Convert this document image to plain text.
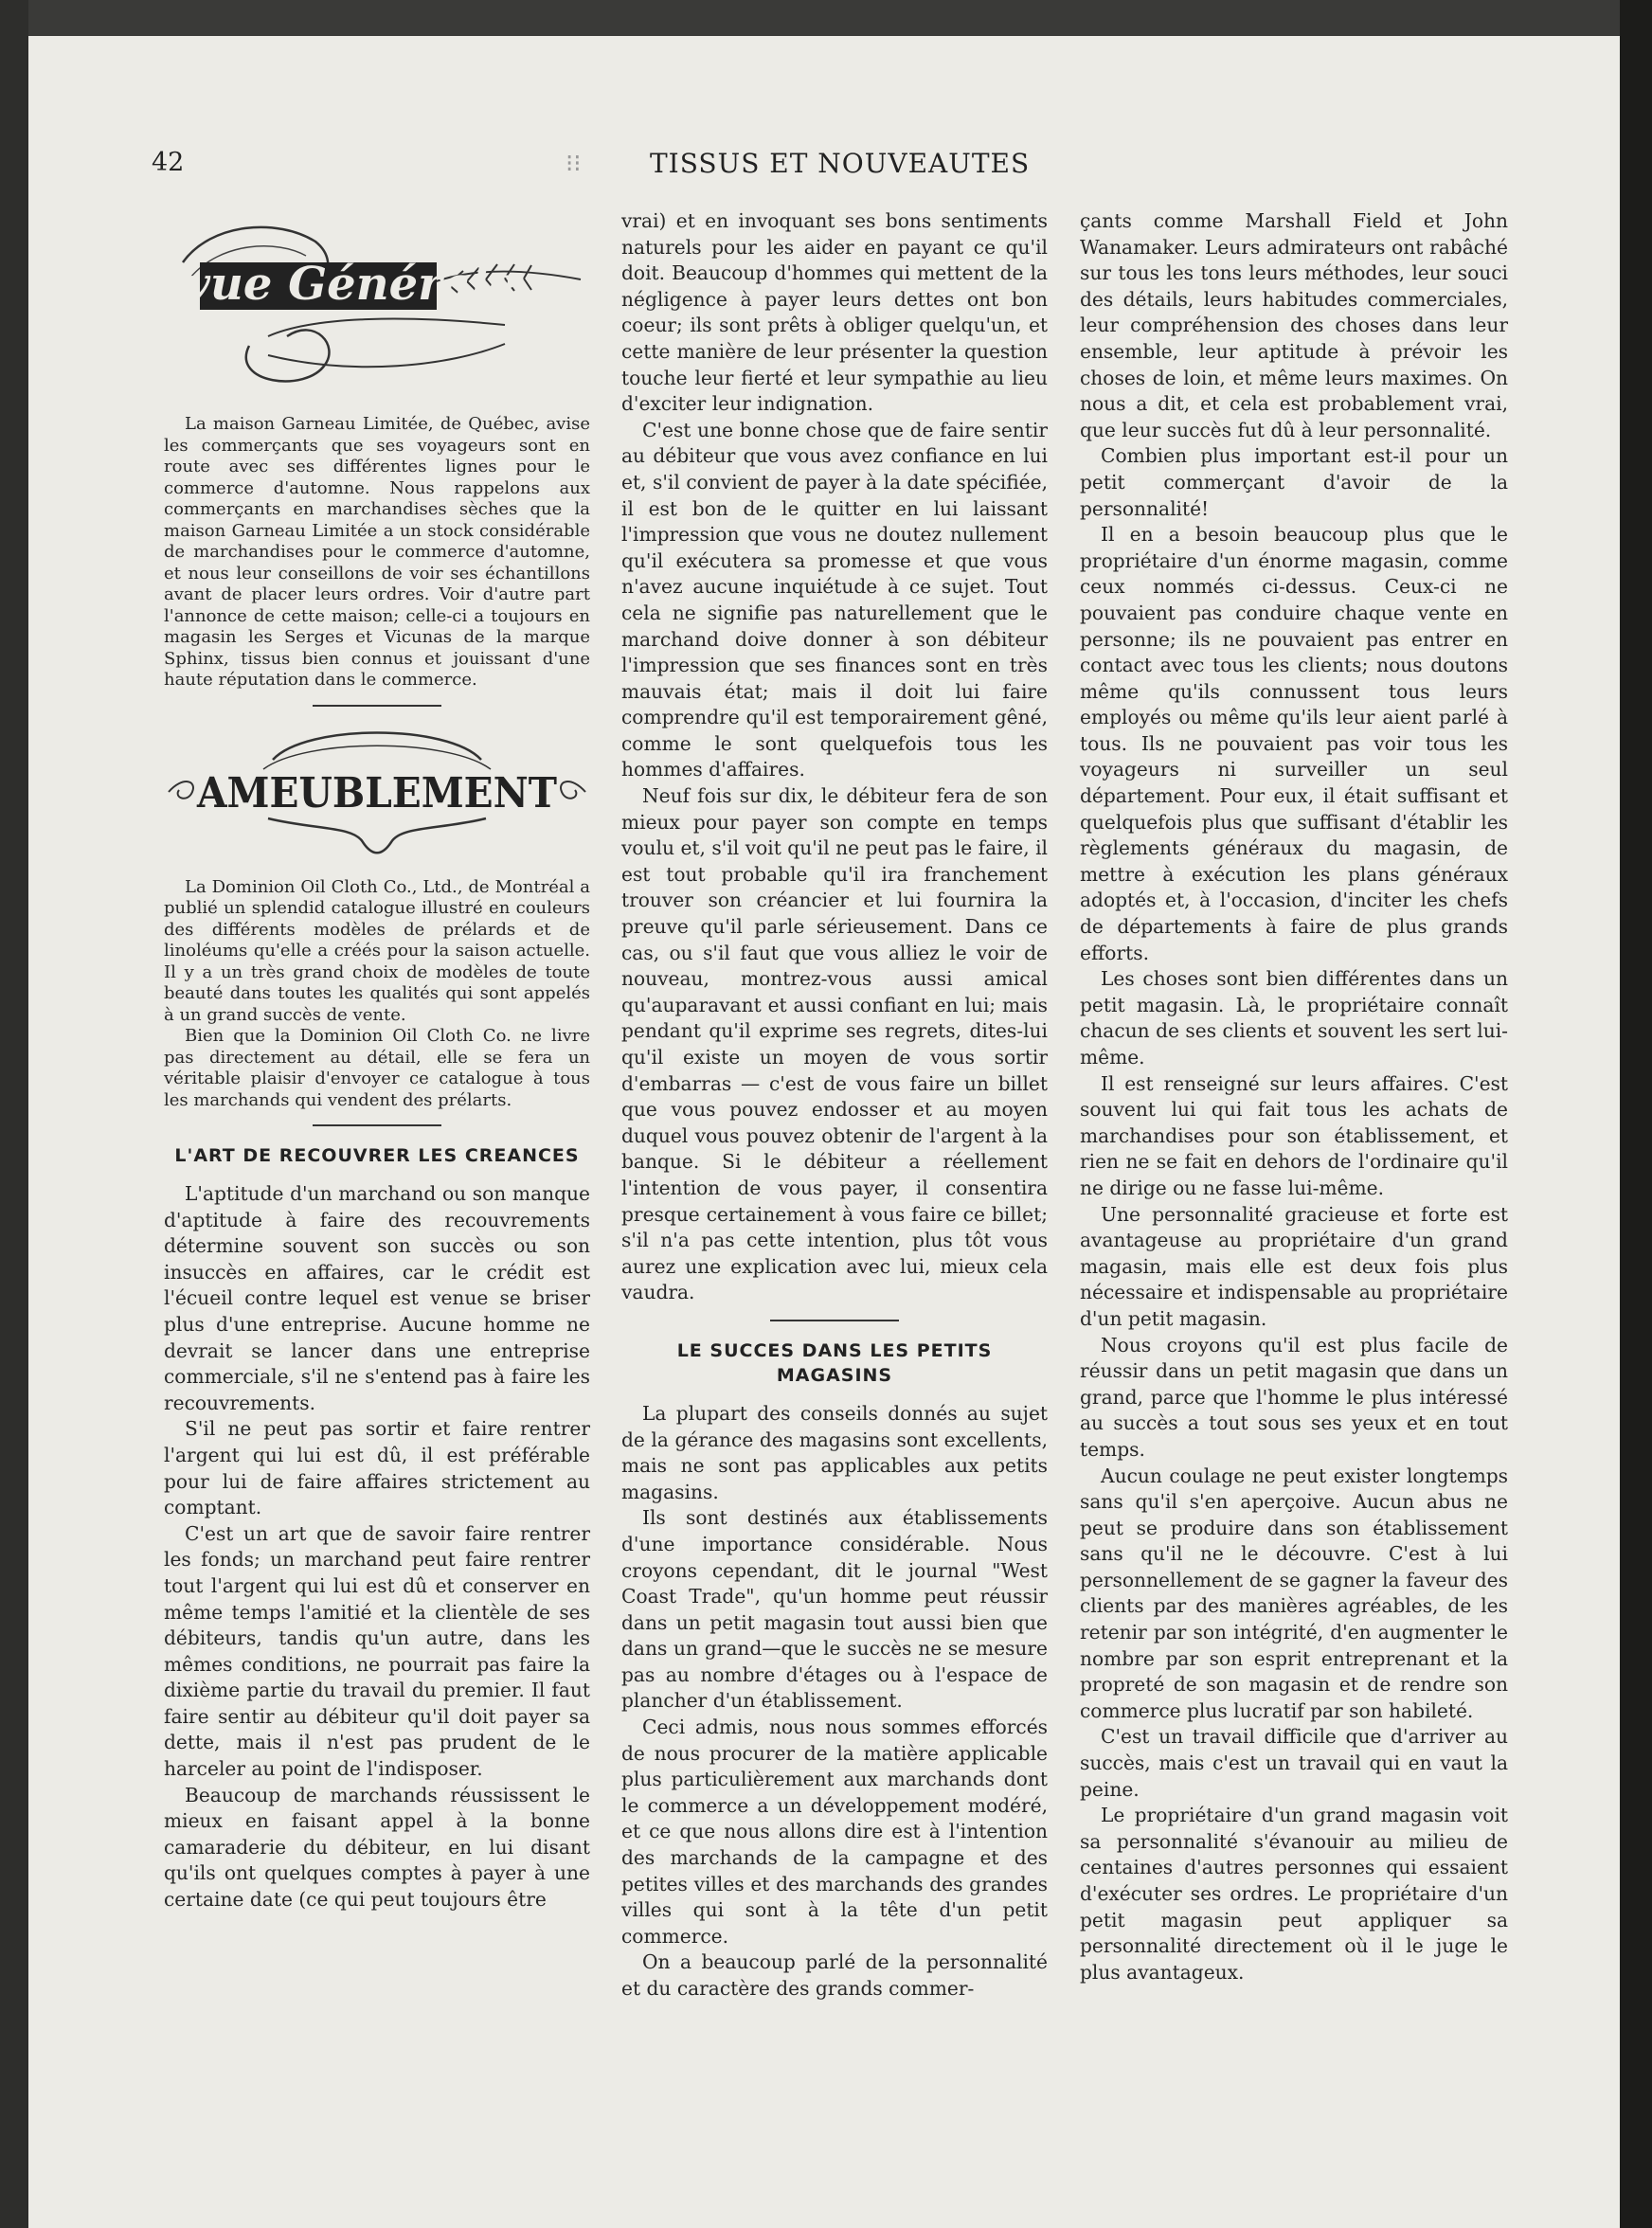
42	⁝⁝	TISSUS ET NOUVEAUTES
Revue Générale

La maison Garneau Limitée, de Québec, avise les commerçants que ses voyageurs sont en route avec ses différentes lignes pour le commerce d'automne. Nous rappelons aux commerçants en marchandises sèches que la maison Garneau Limitée a un stock considérable de marchandises pour le commerce d'automne, et nous leur conseillons de voir ses échantillons avant de placer leurs ordres. Voir d'autre part l'annonce de cette maison; celle-ci a toujours en magasin les Serges et Vicunas de la marque Sphinx, tissus bien connus et jouissant d'une haute réputation dans le commerce.

AMEUBLEMENT

La Dominion Oil Cloth Co., Ltd., de Montréal a publié un splendid catalogue illustré en couleurs des différents modèles de prélards et de linoléums qu'elle a créés pour la saison actuelle. Il y a un très grand choix de modèles de toute beauté dans toutes les qualités qui sont appelés à un grand succès de vente.

Bien que la Dominion Oil Cloth Co. ne livre pas directement au détail, elle se fera un véritable plaisir d'envoyer ce catalogue à tous les marchands qui vendent des prélarts.

L'ART DE RECOUVRER LES CREANCES

L'aptitude d'un marchand ou son manque d'aptitude à faire des recouvrements détermine souvent son succès ou son insuccès en affaires, car le crédit est l'écueil contre lequel est venue se briser plus d'une entreprise. Aucune homme ne devrait se lancer dans une entreprise commerciale, s'il ne s'entend pas à faire les recouvrements.

S'il ne peut pas sortir et faire rentrer l'argent qui lui est dû, il est préférable pour lui de faire affaires strictement au comptant.

C'est un art que de savoir faire rentrer les fonds; un marchand peut faire rentrer tout l'argent qui lui est dû et conserver en même temps l'amitié et la clientèle de ses débiteurs, tandis qu'un autre, dans les mêmes conditions, ne pourrait pas faire la dixième partie du travail du premier. Il faut faire sentir au débiteur qu'il doit payer sa dette, mais il n'est pas prudent de le harceler au point de l'indisposer.

Beaucoup de marchands réussissent le mieux en faisant appel à la bonne camaraderie du débiteur, en lui disant qu'ils ont quelques comptes à payer à une certaine date (ce qui peut toujours être

vrai) et en invoquant ses bons sentiments naturels pour les aider en payant ce qu'il doit. Beaucoup d'hommes qui mettent de la négligence à payer leurs dettes ont bon coeur; ils sont prêts à obliger quelqu'un, et cette manière de leur présenter la question touche leur fierté et leur sympathie au lieu d'exciter leur indignation.

C'est une bonne chose que de faire sentir au débiteur que vous avez confiance en lui et, s'il convient de payer à la date spécifiée, il est bon de le quitter en lui laissant l'impression que vous ne doutez nullement qu'il exécutera sa promesse et que vous n'avez aucune inquiétude à ce sujet. Tout cela ne signifie pas naturellement que le marchand doive donner à son débiteur l'impression que ses finances sont en très mauvais état; mais il doit lui faire comprendre qu'il est temporairement gêné, comme le sont quelquefois tous les hommes d'affaires.

Neuf fois sur dix, le débiteur fera de son mieux pour payer son compte en temps voulu et, s'il voit qu'il ne peut pas le faire, il est tout probable qu'il ira franchement trouver son créancier et lui fournira la preuve qu'il parle sérieusement. Dans ce cas, ou s'il faut que vous alliez le voir de nouveau, montrez-vous aussi amical qu'auparavant et aussi confiant en lui; mais pendant qu'il exprime ses regrets, dites-lui qu'il existe un moyen de vous sortir d'embarras — c'est de vous faire un billet que vous pouvez endosser et au moyen duquel vous pouvez obtenir de l'argent à la banque. Si le débiteur a réellement l'intention de vous payer, il consentira presque certainement à vous faire ce billet; s'il n'a pas cette intention, plus tôt vous aurez une explication avec lui, mieux cela vaudra.

LE SUCCES DANS LES PETITS MAGASINS

La plupart des conseils donnés au sujet de la gérance des magasins sont excellents, mais ne sont pas applicables aux petits magasins.

Ils sont destinés aux établissements d'une importance considérable. Nous croyons cependant, dit le journal "West Coast Trade", qu'un homme peut réussir dans un petit magasin tout aussi bien que dans un grand—que le succès ne se mesure pas au nombre d'étages ou à l'espace de plancher d'un établissement.

Ceci admis, nous nous sommes efforcés de nous procurer de la matière applicable plus particulièrement aux marchands dont le commerce a un développement modéré, et ce que nous allons dire est à l'intention des marchands de la campagne et des petites villes et des marchands des grandes villes qui sont à la tête d'un petit commerce.

On a beaucoup parlé de la personnalité et du caractère des grands commer-

çants comme Marshall Field et John Wanamaker. Leurs admirateurs ont rabâché sur tous les tons leurs méthodes, leur souci des détails, leurs habitudes commerciales, leur compréhension des choses dans leur ensemble, leur aptitude à prévoir les choses de loin, et même leurs maximes. On nous a dit, et cela est probablement vrai, que leur succès fut dû à leur personnalité.

Combien plus important est-il pour un petit commerçant d'avoir de la personnalité!

Il en a besoin beaucoup plus que le propriétaire d'un énorme magasin, comme ceux nommés ci-dessus. Ceux-ci ne pouvaient pas conduire chaque vente en personne; ils ne pouvaient pas entrer en contact avec tous les clients; nous doutons même qu'ils connussent tous leurs employés ou même qu'ils leur aient parlé à tous. Ils ne pouvaient pas voir tous les voyageurs ni surveiller un seul département. Pour eux, il était suffisant et quelquefois plus que suffisant d'établir les règlements généraux du magasin, de mettre à exécution les plans généraux adoptés et, à l'occasion, d'inciter les chefs de départements à faire de plus grands efforts.

Les choses sont bien différentes dans un petit magasin. Là, le propriétaire connaît chacun de ses clients et souvent les sert lui-même.

Il est renseigné sur leurs affaires. C'est souvent lui qui fait tous les achats de marchandises pour son établissement, et rien ne se fait en dehors de l'ordinaire qu'il ne dirige ou ne fasse lui-même.

Une personnalité gracieuse et forte est avantageuse au propriétaire d'un grand magasin, mais elle est deux fois plus nécessaire et indispensable au propriétaire d'un petit magasin.

Nous croyons qu'il est plus facile de réussir dans un petit magasin que dans un grand, parce que l'homme le plus intéressé au succès a tout sous ses yeux et en tout temps.

Aucun coulage ne peut exister longtemps sans qu'il s'en aperçoive. Aucun abus ne peut se produire dans son établissement sans qu'il ne le découvre. C'est à lui personnellement de se gagner la faveur des clients par des manières agréables, de les retenir par son intégrité, d'en augmenter le nombre par son esprit entreprenant et la propreté de son magasin et de rendre son commerce plus lucratif par son habileté.

C'est un travail difficile que d'arriver au succès, mais c'est un travail qui en vaut la peine.

Le propriétaire d'un grand magasin voit sa personnalité s'évanouir au milieu de centaines d'autres personnes qui essaient d'exécuter ses ordres. Le propriétaire d'un petit magasin peut appliquer sa personnalité directement où il le juge le plus avantageux.
